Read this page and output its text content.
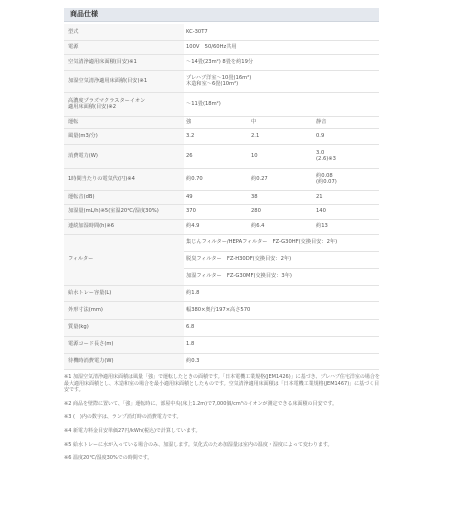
商品仕様
型式	KC-30T7		
電源	100V　50/60Hz共用		
空気清浄適用床面積(目安)※1	〜14畳(23m²) 8畳を約19分		
加湿空気清浄適用床面積(目安)※1	プレハブ洋室〜10畳(16m²)
木造和室〜6畳(10m²)		

高濃度プラズマクラスターイオン
適用床面積(目安)※2	〜11畳(18m²)		
運転	強	中	静音
風量(m3/分)	3.2	2.1	0.9
消費電力(W)	26	10	3.0
(2.6)※3

1時間当たりの電気代(円)※4	約0.70	約0.27	約0.08
(約0.07)

運転音(dB)	49	38	21
加湿量(mL/h)※5(室温20℃/湿度30%)	370	280	140
連続加湿時間(h)※6	約4.9	約6.4	約13
フィルター	集じんフィルター/HEPAフィルター　FZ-G30HF(交換目安：2年)		
	脱臭フィルター　FZ-H30DF(交換目安：2年)		
	加湿フィルター　FZ-G30MF(交換目安：3年)		
給水トレー容量(L)	約1.8		
外形寸法(mm)	幅380×奥行197×高さ570		
質量(kg)	6.8		
電源コード長さ(m)	1.8		
待機時消費電力(W)	約0.3		

※1 加湿空気清浄適用床面積は風量「強」で運転したときの面積です。「日本電機工業規格(JEM1426)」に基づき、プレハブ住宅洋室の場合を最大適用床面積とし、木造和室の場合を最小適用床面積としたものです。空気清浄適用床面積は「日本電機工業規格(JEM1467)」に基づく目安です。

※2 商品を壁際に置いて、「強」運転時に、部屋中央(床上1.2m)で7,000個/cm³のイオンが測定できる床面積の目安です。

※3 (　)内の数字は、ランプ消灯時の消費電力です。

※4 新電力料金目安単価27円/kWh(税込)で計算しています。

※5 給水トレーに水が入っている場合のみ、加湿します。気化式のため加湿量は室内の温度・湿度によって変わります。

※6 温度20℃/湿度30%での時間です。
